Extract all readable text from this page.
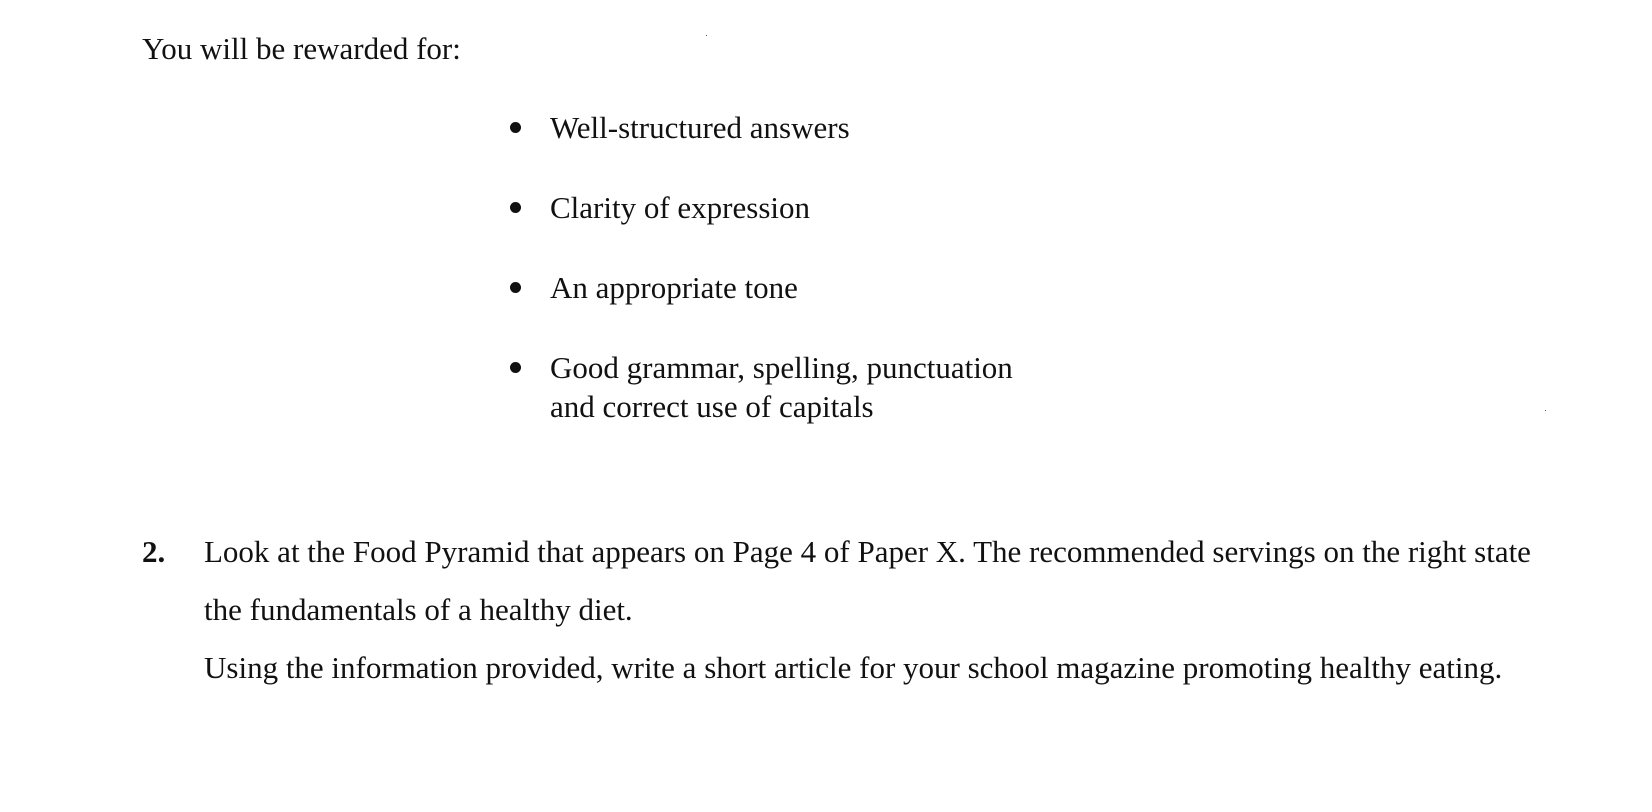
You will be rewarded for:

Well-structured answers
Clarity of expression
An appropriate tone
Good grammar, spelling, punctuation
and correct use of capitals
2. Look at the Food Pyramid that appears on Page 4 of Paper X. The recommended servings on the right state the fundamentals of a healthy diet.

Using the information provided, write a short article for your school magazine promoting healthy eating.
